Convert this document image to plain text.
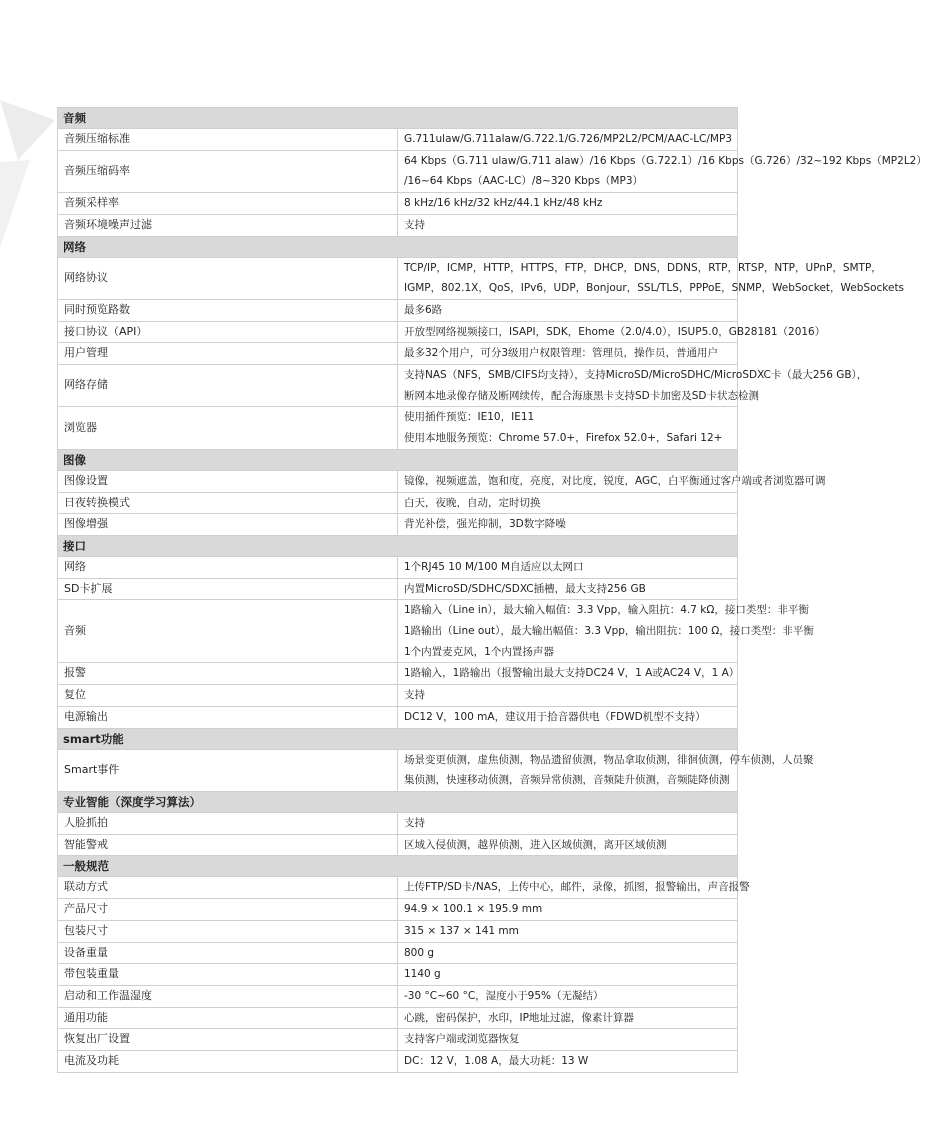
音频	
音频压缩标准	G.711ulaw/G.711alaw/G.722.1/G.726/MP2L2/PCM/AAC-LC/MP3

音频压缩码率	64 Kbps（G.711 ulaw/G.711 alaw）/16 Kbps（G.722.1）/16 Kbps（G.726）/32~192 Kbps（MP2L2）
/16~64 Kbps（AAC-LC）/8~320 Kbps（MP3）

音频采样率	8 kHz/16 kHz/32 kHz/44.1 kHz/48 kHz

音频环境噪声过滤	支持

网络	
网络协议	TCP/IP，ICMP，HTTP，HTTPS，FTP，DHCP，DNS，DDNS，RTP，RTSP，NTP，UPnP，SMTP，
IGMP，802.1X，QoS，IPv6，UDP，Bonjour，SSL/TLS，PPPoE，SNMP，WebSocket，WebSockets

同时预览路数	最多6路

接口协议（API）	开放型网络视频接口，ISAPI，SDK，Ehome（2.0/4.0），ISUP5.0，GB28181（2016）

用户管理	最多32个用户，可分3级用户权限管理：管理员，操作员，普通用户

网络存储	支持NAS（NFS，SMB/CIFS均支持），支持MicroSD/MicroSDHC/MicroSDXC卡（最大256 GB），
断网本地录像存储及断网续传，配合海康黑卡支持SD卡加密及SD卡状态检测

浏览器	使用插件预览：IE10，IE11
使用本地服务预览：Chrome 57.0+，Firefox 52.0+，Safari 12+

图像	
图像设置	镜像，视频遮盖，饱和度，亮度，对比度，锐度，AGC，白平衡通过客户端或者浏览器可调

日夜转换模式	白天，夜晚，自动，定时切换

图像增强	背光补偿，强光抑制，3D数字降噪

接口	
网络	1个RJ45 10 M/100 M自适应以太网口

SD卡扩展	内置MicroSD/SDHC/SDXC插槽，最大支持256 GB

音频	1路输入（Line in），最大输入幅值：3.3 Vpp，输入阻抗：4.7 kΩ，接口类型：非平衡
1路输出（Line out），最大输出幅值：3.3 Vpp，输出阻抗：100 Ω，接口类型：非平衡
1个内置麦克风，1个内置扬声器

报警	1路输入，1路输出（报警输出最大支持DC24 V，1 A或AC24 V，1 A）

复位	支持

电源输出	DC12 V，100 mA，建议用于拾音器供电（FDWD机型不支持）

smart功能	
Smart事件	场景变更侦测，虚焦侦测，物品遗留侦测，物品拿取侦测，徘徊侦测，停车侦测，人员聚
集侦测，快速移动侦测，音频异常侦测，音频陡升侦测，音频陡降侦测

专业智能（深度学习算法）	
人脸抓拍	支持

智能警戒	区域入侵侦测，越界侦测，进入区域侦测，离开区域侦测

一般规范	
联动方式	上传FTP/SD卡/NAS，上传中心，邮件，录像，抓图，报警输出，声音报警

产品尺寸	94.9 × 100.1 × 195.9 mm

包装尺寸	315 × 137 × 141 mm

设备重量	800 g

带包装重量	1140 g

启动和工作温湿度	-30 °C~60 °C，湿度小于95%（无凝结）

通用功能	心跳，密码保护，水印，IP地址过滤，像素计算器

恢复出厂设置	支持客户端或浏览器恢复

电流及功耗	DC：12 V，1.08 A，最大功耗：13 W
